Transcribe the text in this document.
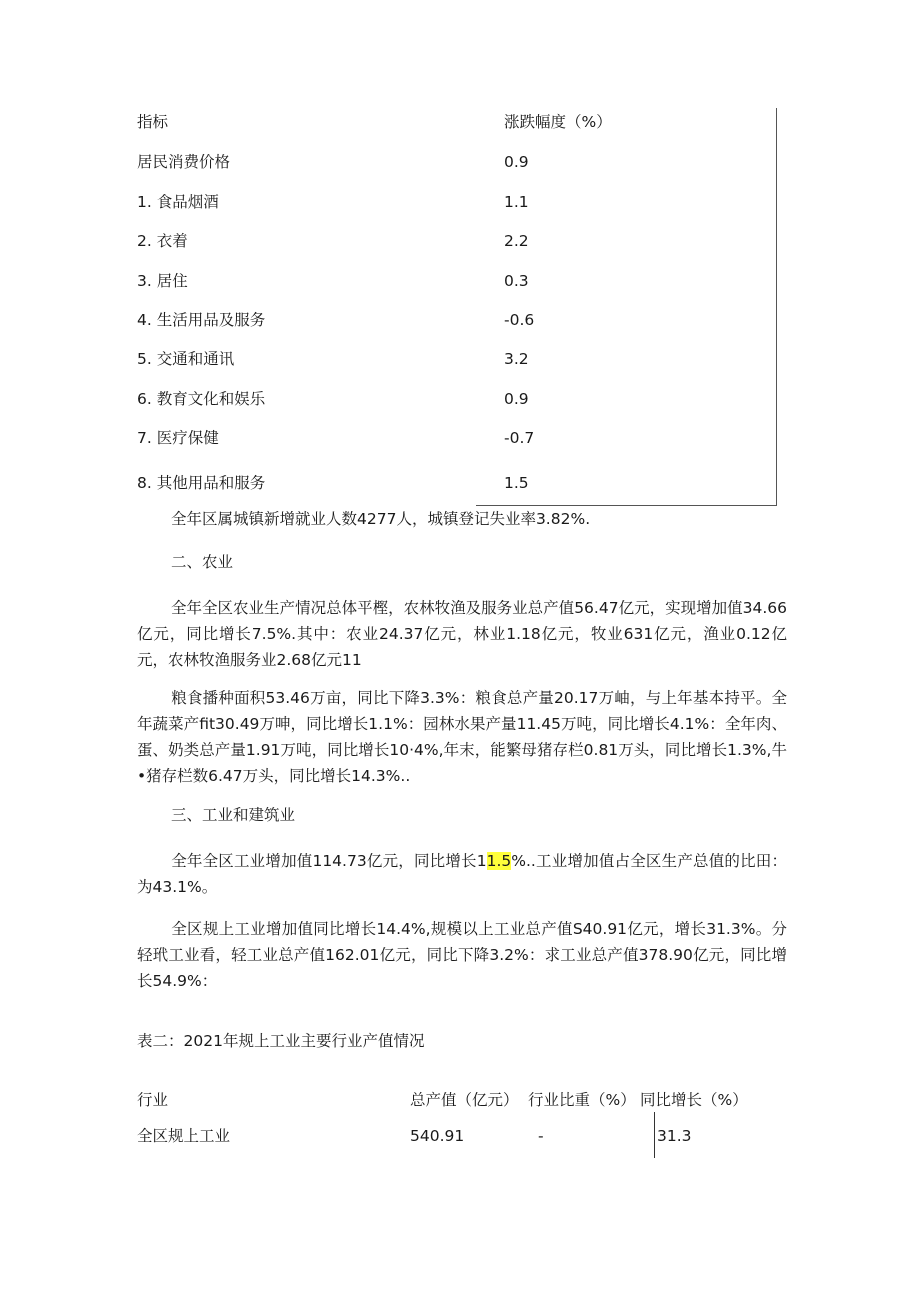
指标	涨跌幅度（%）
居民消费价格	0.9
1. 食品烟酒	1.1
2. 衣着	2.2
3. 居住	0.3
4. 生活用品及服务	-0.6
5. 交通和通讯	3.2
6. 教育文化和娱乐	0.9
7. 医疗保健	-0.7
8. 其他用品和服务	1.5
全年区属城镇新增就业人数4277人，城镇登记失业率3.82%.
二、农业
全年全区农业生产情况总体平樫，农林牧渔及服务业总产值56.47亿元，实现增加值34.66亿元，同比增长7.5%.其中：农业24.37亿元，林业1.18亿元，牧业631亿元，渔业0.12亿元，农林牧渔服务业2.68亿元11
粮食播种面积53.46万亩，同比下降3.3%：粮食总产量20.17万岫，与上年基本持平。全年蔬菜产fit30.49万呻，同比增长1.1%：园林水果产量11.45万吨，同比增长4.1%：全年肉、蛋、奶类总产量1.91万吨，同比增长10·4%,年末，能繁母猪存栏0.81万头，同比增长1.3%,牛•猪存栏数6.47万头，同比增长14.3%..
三、工业和建筑业
全年全区工业增加值114.73亿元，同比增长11.5%..工业增加值占全区生产总值的比田：为43.1%。
全区规上工业增加值同比增长14.4%,规模以上工业总产值S40.91亿元，增长31.3%。分轻玳工业看，轻工业总产值162.01亿元，同比下降3.2%：求工业总产值378.90亿元，同比增长54.9%：
表二：2021年规上工业主要行业产值情况
行业	总产值（亿元） 行业比重（%） 同比增长（%）
全区规上工业	540.91	-	31.3
